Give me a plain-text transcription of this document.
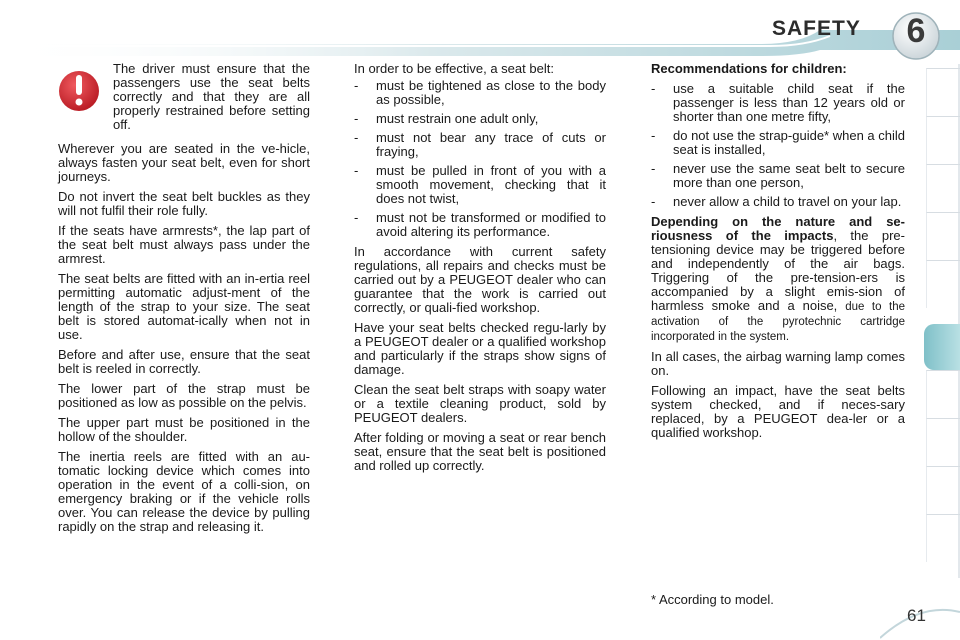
SAFETY	6

The driver must ensure that the passengers use the seat belts correctly and that they are all properly restrained before setting off.

Wherever you are seated in the ve-hicle, always fasten your seat belt, even for short journeys.

Do not invert the seat belt buckles as they will not fulfil their role fully.

If the seats have armrests*, the lap part of the seat belt must always pass under the armrest.

The seat belts are fitted with an in-ertia reel permitting automatic adjust-ment of the length of the strap to your size. The seat belt is stored automat-ically when not in use.

Before and after use, ensure that the seat belt is reeled in correctly.

The lower part of the strap must be positioned as low as possible on the pelvis.

The upper part must be positioned in the hollow of the shoulder.

The inertia reels are fitted with an au-tomatic locking device which comes into operation in the event of a colli-sion, on emergency braking or if the vehicle rolls over. You can release the device by pulling rapidly on the strap and releasing it.

In order to be effective, a seat belt:

- must be tightened as close to the body as possible,
- must restrain one adult only,
- must not bear any trace of cuts or fraying,
- must be pulled in front of you with a smooth movement, checking that it does not twist,
- must not be transformed or modified to avoid altering its performance.

In accordance with current safety regulations, all repairs and checks must be carried out by a PEUGEOT dealer who can guarantee that the work is carried out correctly, or quali-fied workshop.

Have your seat belts checked regu-larly by a PEUGEOT dealer or a qualified workshop and particularly if the straps show signs of damage.

Clean the seat belt straps with soapy water or a textile cleaning product, sold by PEUGEOT dealers.

After folding or moving a seat or rear bench seat, ensure that the seat belt is positioned and rolled up correctly.

Recommendations for children:

- use a suitable child seat if the passenger is less than 12 years old or shorter than one metre fifty,
- do not use the strap-guide* when a child seat is installed,
- never use the same seat belt to secure more than one person,
- never allow a child to travel on your lap.

Depending on the nature and se-riousness of the impacts, the pre-tensioning device may be triggered before and independently of the air bags. Triggering of the pre-tension-ers is accompanied by a slight emis-sion of harmless smoke and a noise, due to the activation of the pyrotechnic cartridge incorporated in the system.

In all cases, the airbag warning lamp comes on.

Following an impact, have the seat belts system checked, and if neces-sary replaced, by a PEUGEOT dea-ler or a qualified workshop.

* According to model.
61
